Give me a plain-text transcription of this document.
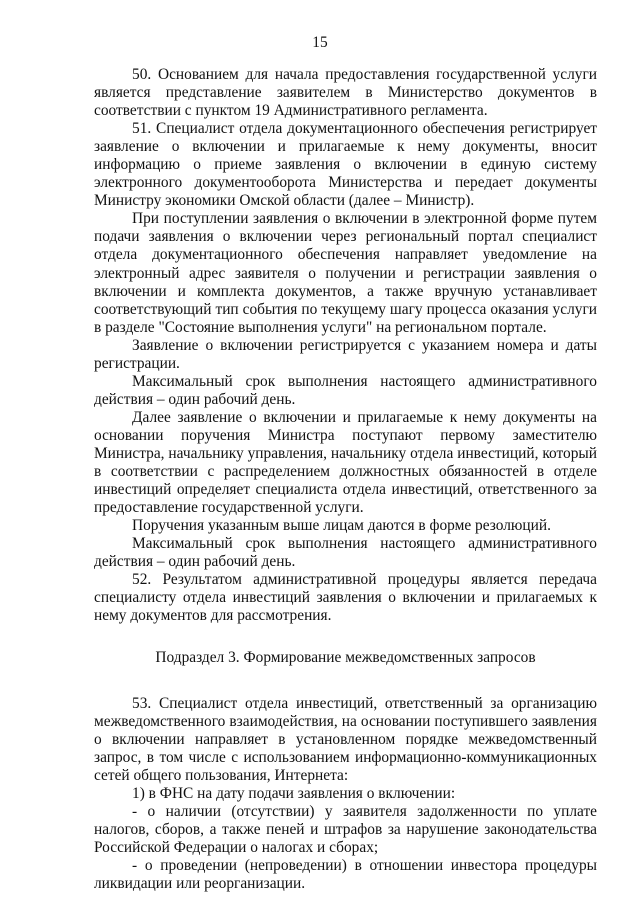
15

50. Основанием для начала предоставления государственной услуги является представление заявителем в Министерство документов в соответствии с пунктом 19 Административного регламента.

51. Специалист отдела документационного обеспечения регистрирует заявление о включении и прилагаемые к нему документы, вносит информацию о приеме заявления о включении в единую систему электронного документооборота Министерства и передает документы Министру экономики Омской области (далее – Министр).

При поступлении заявления о включении в электронной форме путем подачи заявления о включении через региональный портал специалист отдела документационного обеспечения направляет уведомление на электронный адрес заявителя о получении и регистрации заявления о включении и комплекта документов, а также вручную устанавливает соответствующий тип события по текущему шагу процесса оказания услуги в разделе "Состояние выполнения услуги" на региональном портале.

Заявление о включении регистрируется с указанием номера и даты регистрации.

Максимальный срок выполнения настоящего административного действия – один рабочий день.

Далее заявление о включении и прилагаемые к нему документы на основании поручения Министра поступают первому заместителю Министра, начальнику управления, начальнику отдела инвестиций, который в соответствии с распределением должностных обязанностей в отделе инвестиций определяет специалиста отдела инвестиций, ответственного за предоставление государственной услуги.

Поручения указанным выше лицам даются в форме резолюций.

Максимальный срок выполнения настоящего административного действия – один рабочий день.

52. Результатом административной процедуры является передача специалисту отдела инвестиций заявления о включении и прилагаемых к нему документов для рассмотрения.

Подраздел 3. Формирование межведомственных запросов

53. Специалист отдела инвестиций, ответственный за организацию межведомственного взаимодействия, на основании поступившего заявления о включении направляет в установленном порядке межведомственный запрос, в том числе с использованием информационно-коммуникационных сетей общего пользования, Интернета:

1) в ФНС на дату подачи заявления о включении:

- о наличии (отсутствии) у заявителя задолженности по уплате налогов, сборов, а также пеней и штрафов за нарушение законодательства Российской Федерации о налогах и сборах;

- о проведении (непроведении) в отношении инвестора процедуры ликвидации или реорганизации.
